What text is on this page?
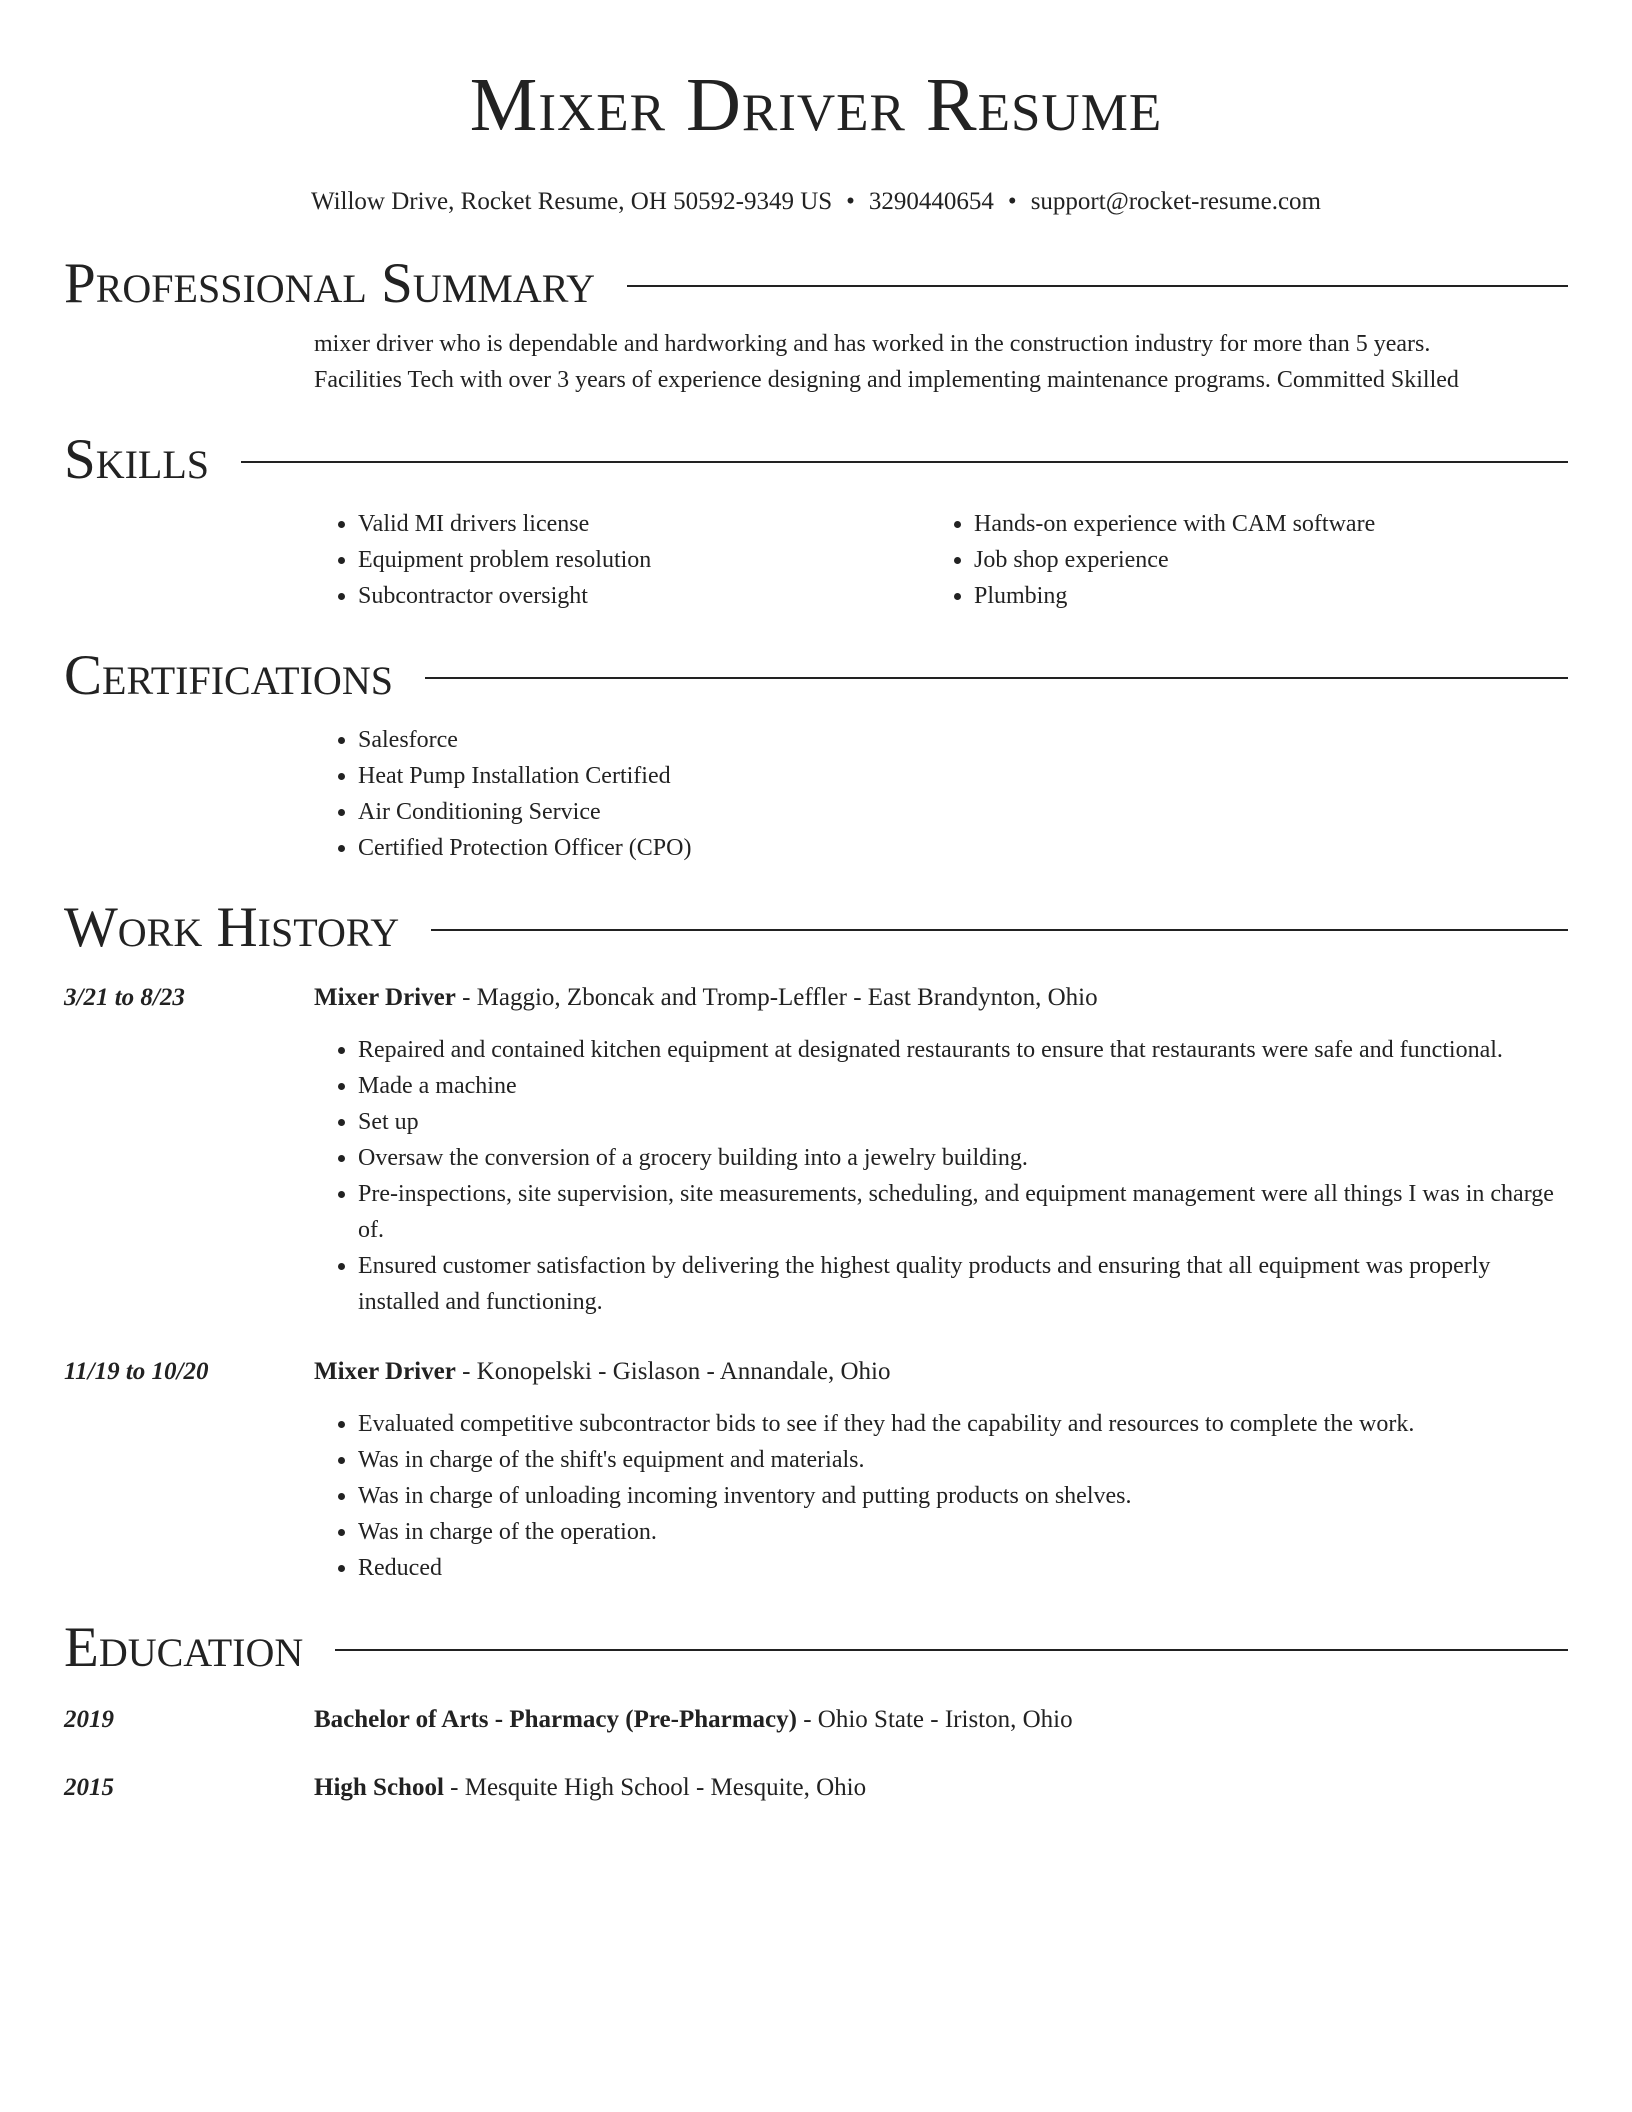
Mixer Driver Resume
Willow Drive, Rocket Resume, OH 50592-9349 US • 3290440654 • support@rocket-resume.com
Professional Summary

mixer driver who is dependable and hardworking and has worked in the construction industry for more than 5 years.

Facilities Tech with over 3 years of experience designing and implementing maintenance programs. Committed Skilled

Skills
• Valid MI drivers license
• Equipment problem resolution
• Subcontractor oversight
• Hands-on experience with CAM software
• Job shop experience
• Plumbing
Certifications
• Salesforce
• Heat Pump Installation Certified
• Air Conditioning Service
• Certified Protection Officer (CPO)
Work History
3/21 to 8/23	Mixer Driver - Maggio, Zboncak and Tromp-Leffler - East Brandynton, Ohio
• Repaired and contained kitchen equipment at designated restaurants to ensure that restaurants were safe and functional.
• Made a machine
• Set up
• Oversaw the conversion of a grocery building into a jewelry building.
• Pre-inspections, site supervision, site measurements, scheduling, and equipment management were all things I was in charge of.
• Ensured customer satisfaction by delivering the highest quality products and ensuring that all equipment was properly installed and functioning.
11/19 to 10/20	Mixer Driver - Konopelski - Gislason - Annandale, Ohio
• Evaluated competitive subcontractor bids to see if they had the capability and resources to complete the work.
• Was in charge of the shift's equipment and materials.
• Was in charge of unloading incoming inventory and putting products on shelves.
• Was in charge of the operation.
• Reduced
Education
2019	Bachelor of Arts - Pharmacy (Pre-Pharmacy) - Ohio State - Iriston, Ohio
2015	High School - Mesquite High School - Mesquite, Ohio
